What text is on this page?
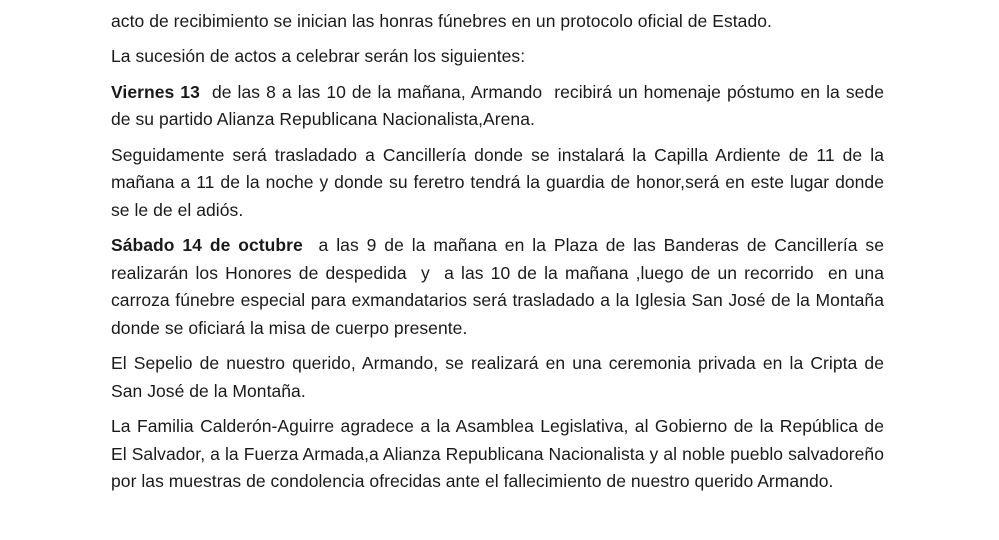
acto de recibimiento se inician las honras fúnebres en un protocolo oficial de Estado.

La sucesión de actos a celebrar serán los siguientes:

Viernes 13  de las 8 a las 10 de la mañana, Armando  recibirá un homenaje póstumo en la sede de su partido Alianza Republicana Nacionalista,Arena.

Seguidamente será trasladado a Cancillería donde se instalará la Capilla Ardiente de 11 de la mañana a 11 de la noche y donde su feretro tendrá la guardia de honor,será en este lugar donde se le de el adiós.

Sábado 14 de octubre  a las 9 de la mañana en la Plaza de las Banderas de Cancillería se realizarán los Honores de despedida  y  a las 10 de la mañana ,luego de un recorrido  en una carroza fúnebre especial para exmandatarios será trasladado a la Iglesia San José de la Montaña donde se oficiará la misa de cuerpo presente.

El Sepelio de nuestro querido, Armando, se realizará en una ceremonia privada en la Cripta de San José de la Montaña.

La Familia Calderón-Aguirre agradece a la Asamblea Legislativa, al Gobierno de la República de El Salvador, a la Fuerza Armada,a Alianza Republicana Nacionalista y al noble pueblo salvadoreño por las muestras de condolencia ofrecidas ante el fallecimiento de nuestro querido Armando.
